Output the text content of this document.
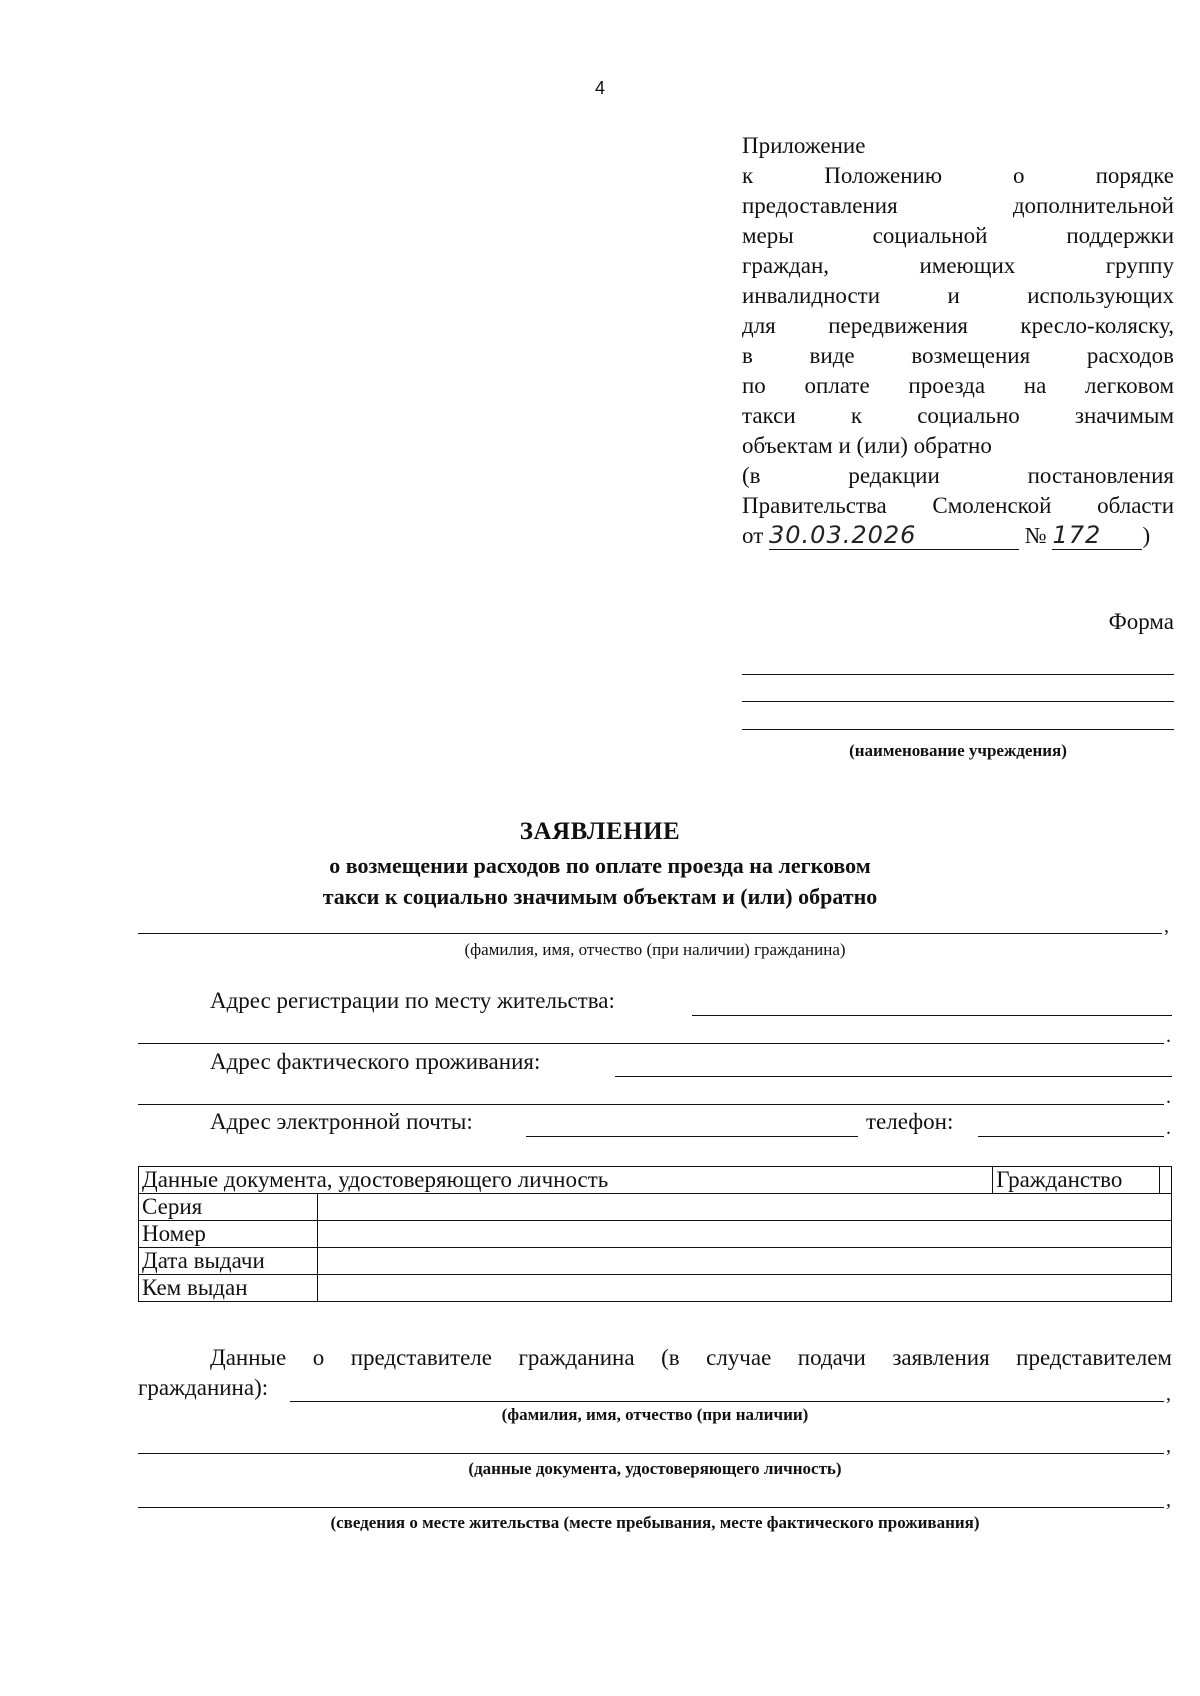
4
Приложение
к Положению о порядке
предоставления дополнительной
меры социальной поддержки
граждан, имеющих группу
инвалидности и использующих
для передвижения кресло-коляску,
в виде возмещения расходов
по оплате проезда на легковом
такси к социально значимым
объектам и (или) обратно
(в редакции постановления
Правительства Смоленской области
от 30.03.2026	№ 172 )
Форма
(наименование учреждения)
ЗАЯВЛЕНИЕ
о возмещении расходов по оплате проезда на легковом
такси к социально значимым объектам и (или) обратно
,
(фамилия, имя, отчество (при наличии) гражданина)
Адрес регистрации по месту жительства:
.
Адрес фактического проживания:
.
Адрес электронной почты:	телефон:	.
Данные документа, удостоверяющего личность		Гражданство	
Серия			
Номер			
Дата выдачи			
Кем выдан			
Данные о представителе гражданина (в случае подачи заявления представителем
гражданина):	,
(фамилия, имя, отчество (при наличии)
,
(данные документа, удостоверяющего личность)
,
(сведения о месте жительства (месте пребывания, месте фактического проживания)
